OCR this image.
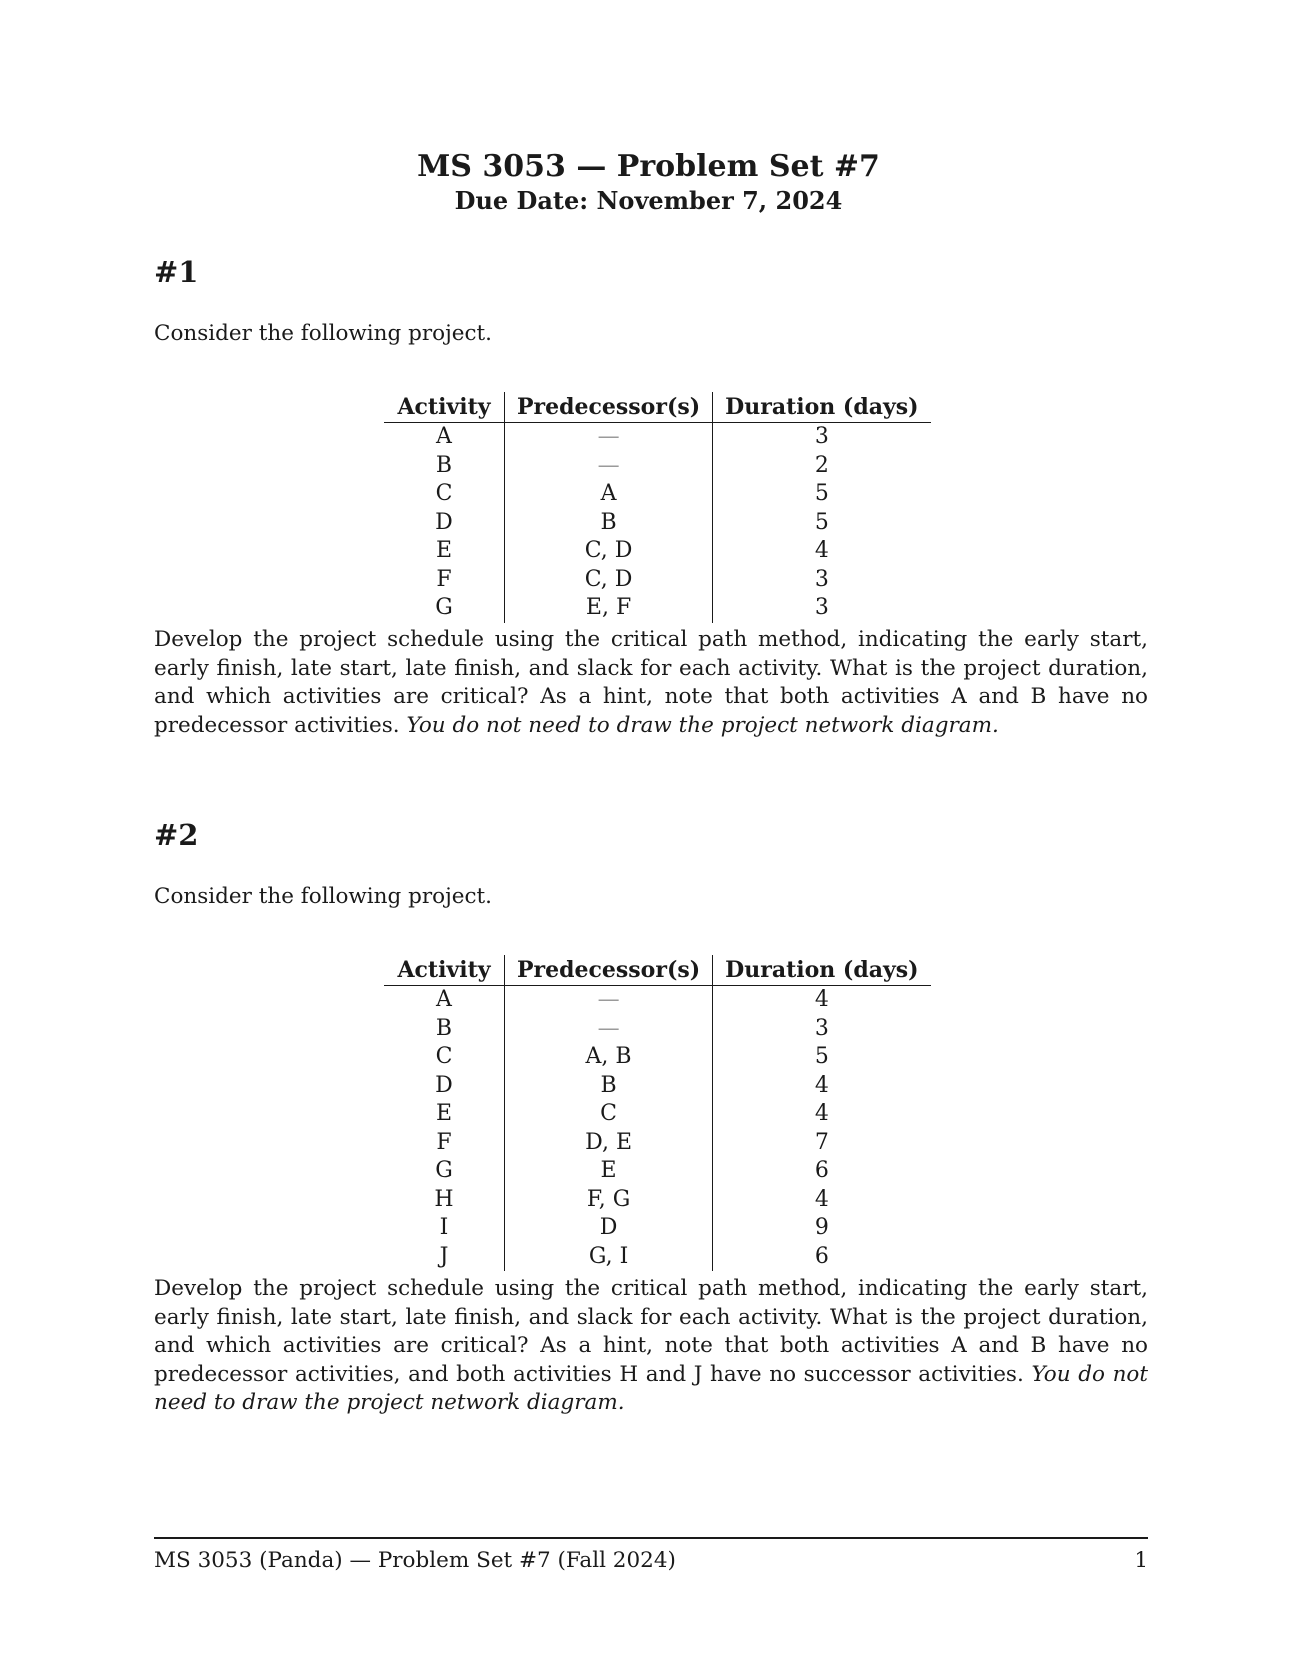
MS 3053 — Problem Set #7
Due Date: November 7, 2024
#1
Consider the following project.
Activity	Predecessor(s)	Duration (days)
A	—	3
B	—	2
C	A	5
D	B	5
E	C, D	4
F	C, D	3
G	E, F	3
Develop the project schedule using the critical path method, indicating the early start, early finish, late start, late finish, and slack for each activity. What is the project duration, and which activities are critical? As a hint, note that both activities A and B have no predecessor activities. You do not need to draw the project network diagram.
#2
Consider the following project.
Activity	Predecessor(s)	Duration (days)
A	—	4
B	—	3
C	A, B	5
D	B	4
E	C	4
F	D, E	7
G	E	6
H	F, G	4
I	D	9
J	G, I	6
Develop the project schedule using the critical path method, indicating the early start, early finish, late start, late finish, and slack for each activity. What is the project duration, and which activities are critical? As a hint, note that both activities A and B have no predecessor activities, and both activities H and J have no successor activities. You do not need to draw the project network diagram.
MS 3053 (Panda) — Problem Set #7 (Fall 2024)	1
